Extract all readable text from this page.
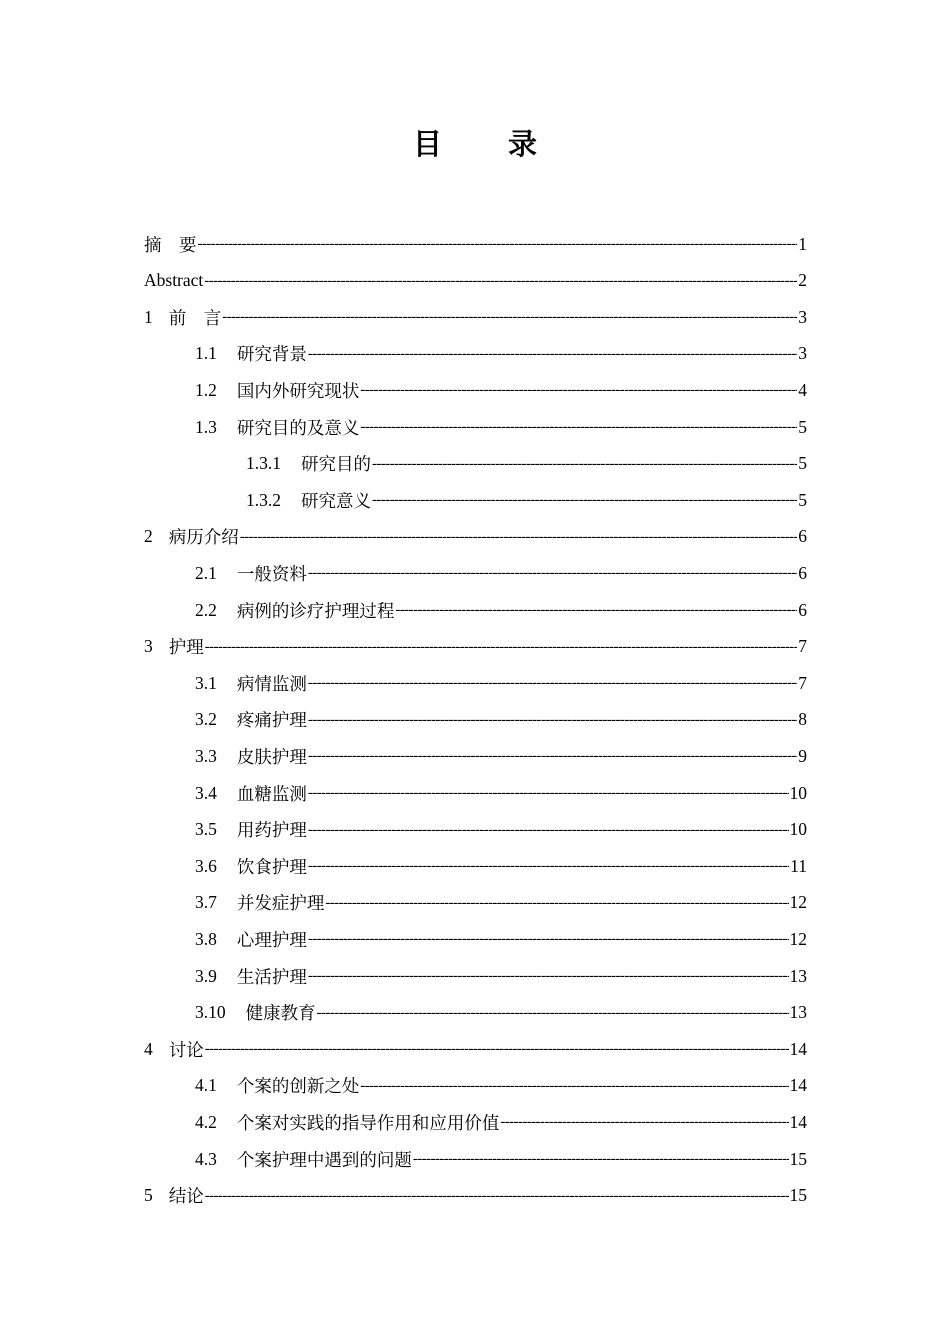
目 录
摘　要 -----	1
Abstract -----	2
1 前　言 -----	3
1.1 研究背景 -----	3
1.2 国内外研究现状 -----	4
1.3 研究目的及意义 -----	5
1.3.1 研究目的 -----	5
1.3.2 研究意义 -----	5
2 病历介绍 -----	6
2.1 一般资料 -----	6
2.2 病例的诊疗护理过程 -----	6
3 护理 -----	7
3.1 病情监测 -----	7
3.2 疼痛护理 -----	8
3.3 皮肤护理 -----	9
3.4 血糖监测 -----	10
3.5 用药护理 -----	10
3.6 饮食护理 -----	11
3.7 并发症护理 -----	12
3.8 心理护理 -----	12
3.9 生活护理 -----	13
3.10 健康教育 -----	13
4 讨论 -----	14
4.1 个案的创新之处 -----	14
4.2 个案对实践的指导作用和应用价值 -----	14
4.3 个案护理中遇到的问题 -----	15
5 结论 -----	15
